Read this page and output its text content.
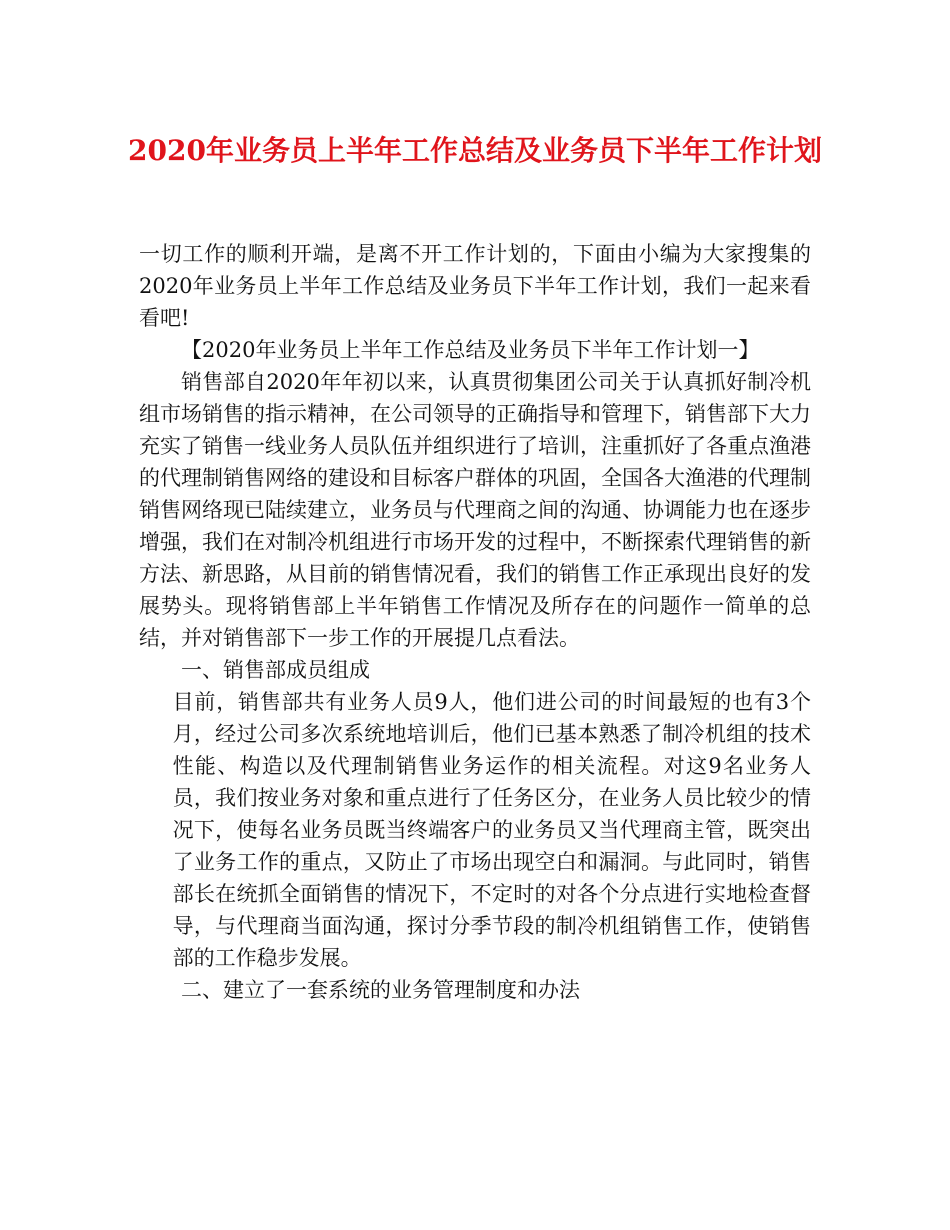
2020年业务员上半年工作总结及业务员下半年工作计划

一切工作的顺利开端，是离不开工作计划的，下面由小编为大家搜集的2020年业务员上半年工作总结及业务员下半年工作计划，我们一起来看看吧!

【2020年业务员上半年工作总结及业务员下半年工作计划一】

销售部自2020年年初以来，认真贯彻集团公司关于认真抓好制冷机组市场销售的指示精神，在公司领导的正确指导和管理下，销售部下大力充实了销售一线业务人员队伍并组织进行了培训，注重抓好了各重点渔港的代理制销售网络的建设和目标客户群体的巩固，全国各大渔港的代理制销售网络现已陆续建立，业务员与代理商之间的沟通、协调能力也在逐步增强，我们在对制冷机组进行市场开发的过程中，不断探索代理销售的新方法、新思路，从目前的销售情况看，我们的销售工作正承现出良好的发展势头。现将销售部上半年销售工作情况及所存在的问题作一简单的总结，并对销售部下一步工作的开展提几点看法。

一、销售部成员组成

目前，销售部共有业务人员9人，他们进公司的时间最短的也有3个月，经过公司多次系统地培训后，他们已基本熟悉了制冷机组的技术性能、构造以及代理制销售业务运作的相关流程。对这9名业务人员，我们按业务对象和重点进行了任务区分，在业务人员比较少的情况下，使每名业务员既当终端客户的业务员又当代理商主管，既突出了业务工作的重点，又防止了市场出现空白和漏洞。与此同时，销售部长在统抓全面销售的情况下，不定时的对各个分点进行实地检查督导，与代理商当面沟通，探讨分季节段的制冷机组销售工作，使销售部的工作稳步发展。

二、建立了一套系统的业务管理制度和办法
